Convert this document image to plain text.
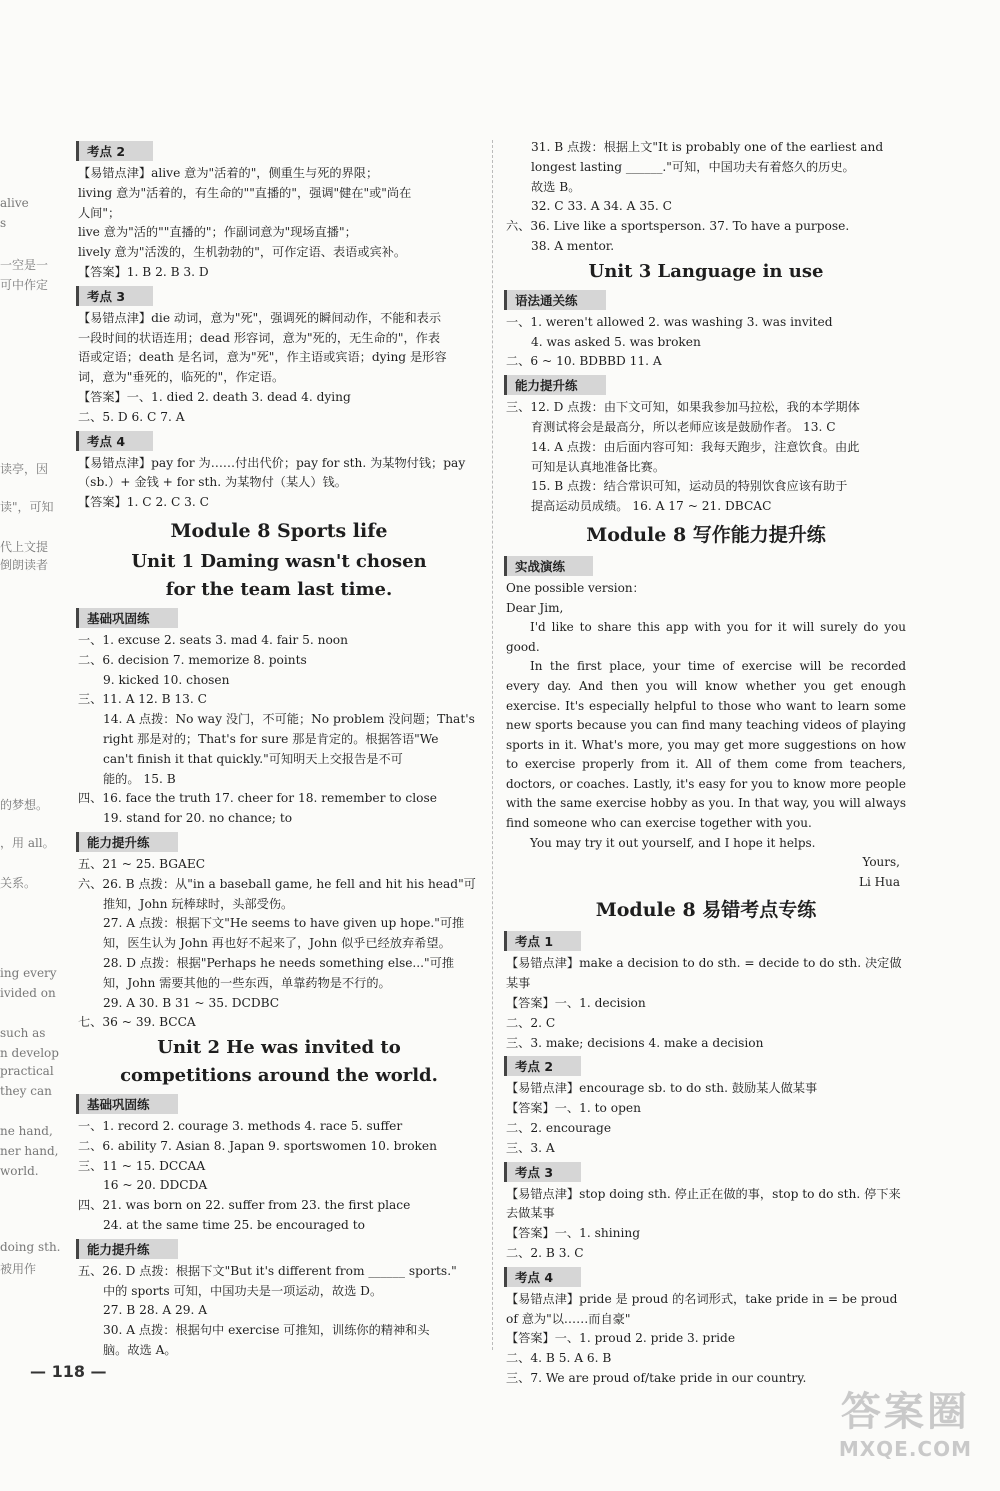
alive
s
一空是一
可中作定
读亭，因
读"，可知
代上文提
倒朗读者
的梦想。
，用 all。
关系。
ing every
ivided on
such as
n develop
practical
they can
ne hand,
ner hand,
world.
doing sth.
被用作
考点 2
【易错点津】alive 意为"活着的"，侧重生与死的界限；
living 意为"活着的，有生命的""直播的"，强调"健在"或"尚在
人间"；
live 意为"活的""直播的"；作副词意为"现场直播"；
lively 意为"活泼的，生机勃勃的"，可作定语、表语或宾补。
【答案】1. B 2. B 3. D
考点 3
【易错点津】die 动词，意为"死"，强调死的瞬间动作，不能和表示
一段时间的状语连用；dead 形容词，意为"死的，无生命的"，作表
语或定语；death 是名词，意为"死"，作主语或宾语；dying 是形容
词，意为"垂死的，临死的"，作定语。
【答案】一、1. died 2. death 3. dead 4. dying
二、5. D 6. C 7. A
考点 4
【易错点津】pay for 为……付出代价；pay for sth. 为某物付钱；pay
（sb.）+ 金钱 + for sth. 为某物付（某人）钱。
【答案】1. C 2. C 3. C
Module 8 Sports life
Unit 1 Daming wasn't chosen
for the team last time.
基础巩固练
一、1. excuse 2. seats 3. mad 4. fair 5. noon
二、6. decision 7. memorize 8. points
9. kicked 10. chosen
三、11. A 12. B 13. C
14. A 点拨：No way 没门，不可能；No problem 没问题；That's
right 那是对的；That's for sure 那是肯定的。根据答语"We
can't finish it that quickly."可知明天上交报告是不可
能的。 15. B
四、16. face the truth 17. cheer for 18. remember to close
19. stand for 20. no chance; to
能力提升练
五、21 ~ 25. BGAEC
六、26. B 点拨：从"in a baseball game, he fell and hit his head"可
推知，John 玩棒球时，头部受伤。
27. A 点拨：根据下文"He seems to have given up hope."可推
知，医生认为 John 再也好不起来了，John 似乎已经放弃希望。
28. D 点拨：根据"Perhaps he needs something else..."可推
知，John 需要其他的一些东西，单靠药物是不行的。
29. A 30. B 31 ~ 35. DCDBC
七、36 ~ 39. BCCA
Unit 2 He was invited to
competitions around the world.
基础巩固练
一、1. record 2. courage 3. methods 4. race 5. suffer
二、6. ability 7. Asian 8. Japan 9. sportswomen 10. broken
三、11 ~ 15. DCCAA
16 ~ 20. DDCDA
四、21. was born on 22. suffer from 23. the first place
24. at the same time 25. be encouraged to
能力提升练
五、26. D 点拨：根据下文"But it's different from ______ sports."
中的 sports 可知，中国功夫是一项运动，故选 D。
27. B 28. A 29. A
30. A 点拨：根据句中 exercise 可推知，训练你的精神和头
脑。故选 A。
31. B 点拨：根据上文"It is probably one of the earliest and
longest lasting ______."可知，中国功夫有着悠久的历史。
故选 B。
32. C 33. A 34. A 35. C
六、36. Live like a sportsperson. 37. To have a purpose.
38. A mentor.
Unit 3 Language in use
语法通关练
一、1. weren't allowed 2. was washing 3. was invited
4. was asked 5. was broken
二、6 ~ 10. BDBBD 11. A
能力提升练
三、12. D 点拨：由下文可知，如果我参加马拉松，我的本学期体
育测试将会是最高分，所以老师应该是鼓励作者。 13. C
14. A 点拨：由后面内容可知：我每天跑步，注意饮食。由此
可知是认真地准备比赛。
15. B 点拨：结合常识可知，运动员的特别饮食应该有助于
提高运动员成绩。 16. A 17 ~ 21. DBCAC
Module 8 写作能力提升练
实战演练

One possible version：

Dear Jim,

I'd like to share this app with you for it will surely do you good.

In the first place, your time of exercise will be recorded every day. And then you will know whether you get enough exercise. It's especially helpful to those who want to learn some new sports because you can find many teaching videos of playing sports in it. What's more, you may get more suggestions on how to exercise properly from it. All of them come from teachers, doctors, or coaches. Lastly, it's easy for you to know more people with the same exercise hobby as you. In that way, you will always find someone who can exercise together with you.

You may try it out yourself, and I hope it helps.

Yours,
Li Hua
Module 8 易错考点专练
考点 1
【易错点津】make a decision to do sth. = decide to do sth. 决定做
某事
【答案】一、1. decision
二、2. C
三、3. make; decisions 4. make a decision
考点 2
【易错点津】encourage sb. to do sth. 鼓励某人做某事
【答案】一、1. to open
二、2. encourage
三、3. A
考点 3
【易错点津】stop doing sth. 停止正在做的事，stop to do sth. 停下来
去做某事
【答案】一、1. shining
二、2. B 3. C
考点 4
【易错点津】pride 是 proud 的名词形式，take pride in = be proud
of 意为"以……而自豪"
【答案】一、1. proud 2. pride 3. pride
二、4. B 5. A 6. B
三、7. We are proud of/take pride in our country.
— 118 —
答案圈
MXQE.COM
